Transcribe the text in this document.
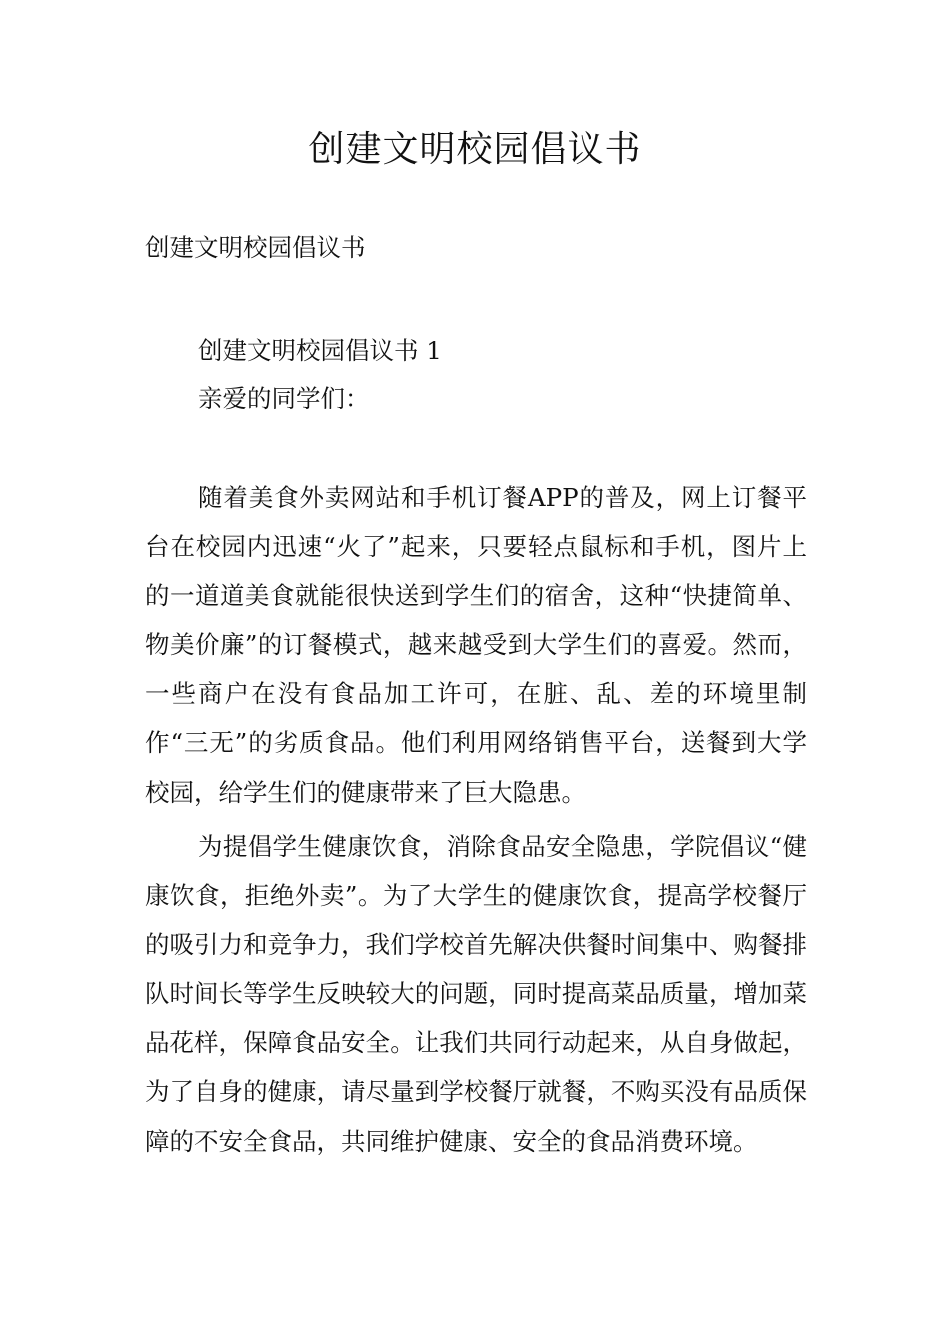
创建文明校园倡议书
创建文明校园倡议书
创建文明校园倡议书 1
亲爱的同学们：

随着美食外卖网站和手机订餐APP的普及，网上订餐平台在校园内迅速“火了”起来，只要轻点鼠标和手机，图片上的一道道美食就能很快送到学生们的宿舍，这种“快捷简单、物美价廉”的订餐模式，越来越受到大学生们的喜爱。然而，一些商户在没有食品加工许可，在脏、乱、差的环境里制作“三无”的劣质食品。他们利用网络销售平台，送餐到大学校园，给学生们的健康带来了巨大隐患。

为提倡学生健康饮食，消除食品安全隐患，学院倡议“健康饮食，拒绝外卖”。为了大学生的健康饮食，提高学校餐厅的吸引力和竞争力，我们学校首先解决供餐时间集中、购餐排队时间长等学生反映较大的问题，同时提高菜品质量，增加菜品花样，保障食品安全。让我们共同行动起来，从自身做起，为了自身的健康，请尽量到学校餐厅就餐，不购买没有品质保障的不安全食品，共同维护健康、安全的食品消费环境。
